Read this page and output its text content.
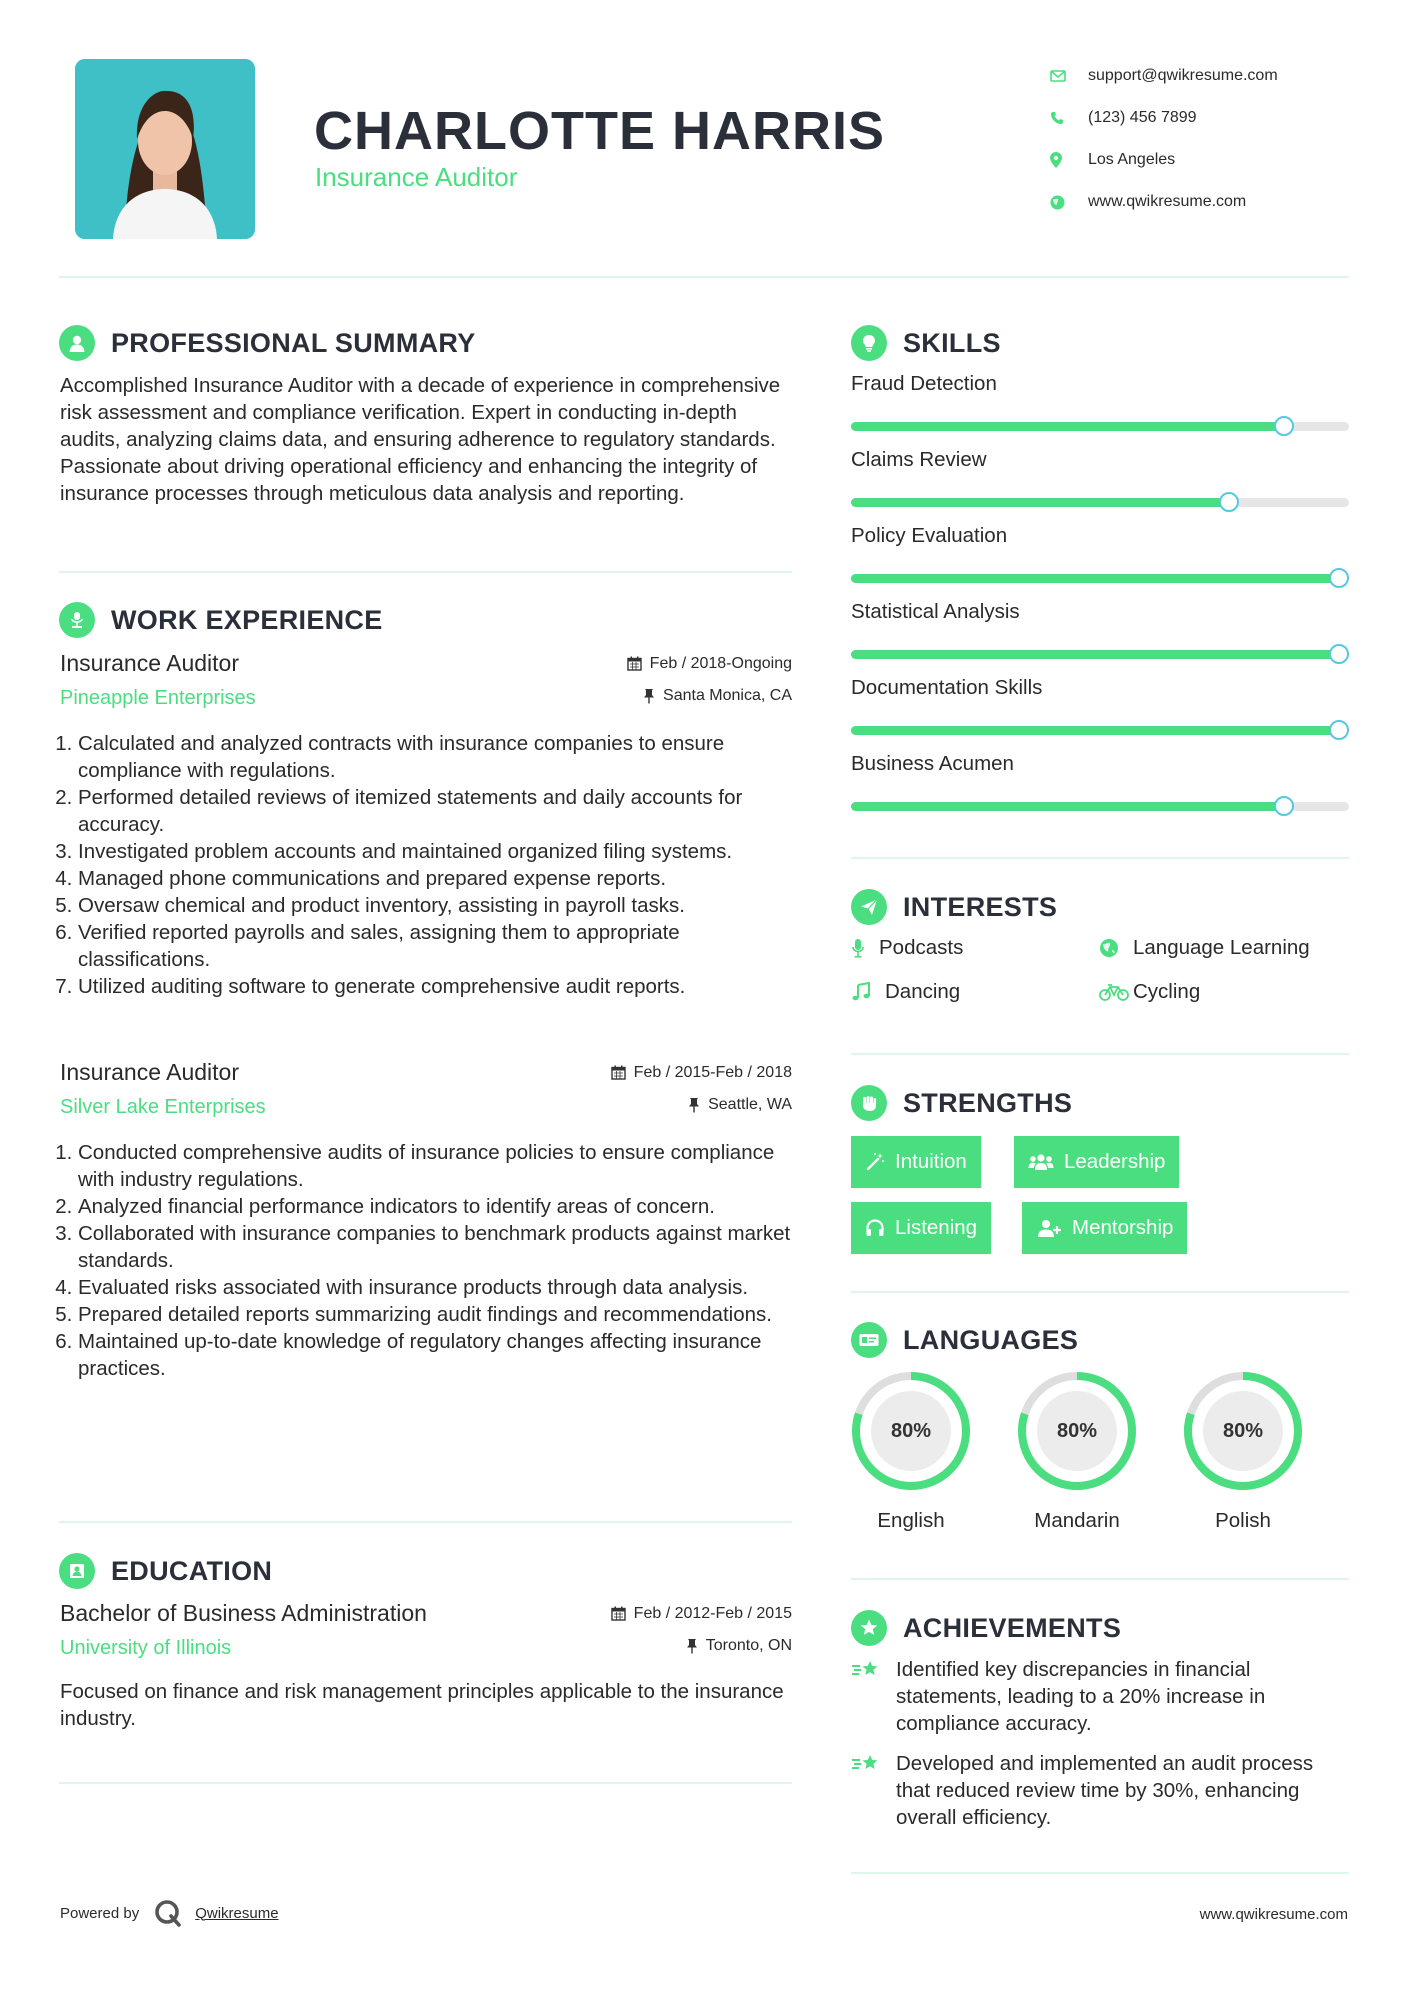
CHARLOTTE HARRIS
Insurance Auditor
support@qwikresume.com
(123) 456 7899
Los Angeles
www.qwikresume.com
PROFESSIONAL SUMMARY
Accomplished Insurance Auditor with a decade of experience in comprehensive risk assessment and compliance verification. Expert in conducting in-depth audits, analyzing claims data, and ensuring adherence to regulatory standards. Passionate about driving operational efficiency and enhancing the integrity of insurance processes through meticulous data analysis and reporting.
WORK EXPERIENCE
Insurance Auditor	Feb / 2018-Ongoing
Pineapple Enterprises	Santa Monica, CA
1. Calculated and analyzed contracts with insurance companies to ensure compliance with regulations.
2. Performed detailed reviews of itemized statements and daily accounts for accuracy.
3. Investigated problem accounts and maintained organized filing systems.
4. Managed phone communications and prepared expense reports.
5. Oversaw chemical and product inventory, assisting in payroll tasks.
6. Verified reported payrolls and sales, assigning them to appropriate classifications.
7. Utilized auditing software to generate comprehensive audit reports.
Insurance Auditor	Feb / 2015-Feb / 2018
Silver Lake Enterprises	Seattle, WA
1. Conducted comprehensive audits of insurance policies to ensure compliance with industry regulations.
2. Analyzed financial performance indicators to identify areas of concern.
3. Collaborated with insurance companies to benchmark products against market standards.
4. Evaluated risks associated with insurance products through data analysis.
5. Prepared detailed reports summarizing audit findings and recommendations.
6. Maintained up-to-date knowledge of regulatory changes affecting insurance practices.
EDUCATION
Bachelor of Business Administration	Feb / 2012-Feb / 2015
University of Illinois	Toronto, ON
Focused on finance and risk management principles applicable to the insurance industry.
SKILLS
Fraud Detection
Claims Review
Policy Evaluation
Statistical Analysis
Documentation Skills
Business Acumen
INTERESTS
Podcasts	Language Learning
Dancing	Cycling
STRENGTHS
Intuition	Leadership
Listening	Mentorship
LANGUAGES
80%
English
80%
Mandarin
80%
Polish
ACHIEVEMENTS
Identified key discrepancies in financial statements, leading to a 20% increase in compliance accuracy.
Developed and implemented an audit process that reduced review time by 30%, enhancing overall efficiency.
Powered by	Qwikresume	www.qwikresume.com
